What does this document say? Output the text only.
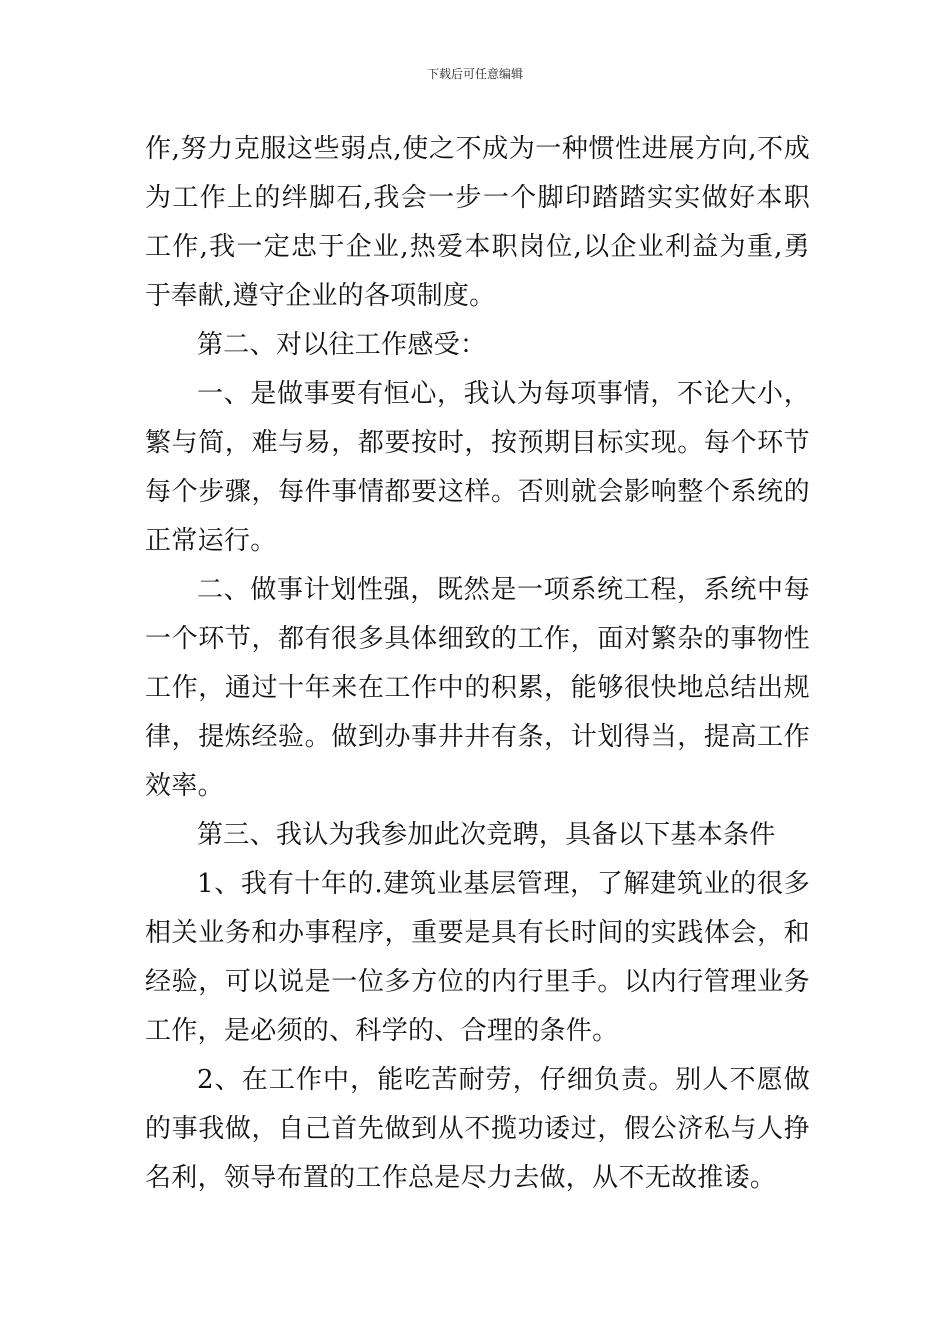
下载后可任意编辑

作,努力克服这些弱点,使之不成为一种惯性进展方向,不成为工作上的绊脚石,我会一步一个脚印踏踏实实做好本职工作,我一定忠于企业,热爱本职岗位,以企业利益为重,勇于奉献,遵守企业的各项制度。

第二、对以往工作感受：

一、是做事要有恒心，我认为每项事情，不论大小，繁与简，难与易，都要按时，按预期目标实现。每个环节每个步骤，每件事情都要这样。否则就会影响整个系统的正常运行。

二、做事计划性强，既然是一项系统工程，系统中每一个环节，都有很多具体细致的工作，面对繁杂的事物性工作，通过十年来在工作中的积累，能够很快地总结出规律，提炼经验。做到办事井井有条，计划得当，提高工作效率。

第三、我认为我参加此次竞聘，具备以下基本条件

1、我有十年的.建筑业基层管理，了解建筑业的很多相关业务和办事程序，重要是具有长时间的实践体会，和经验，可以说是一位多方位的内行里手。以内行管理业务工作，是必须的、科学的、合理的条件。

2、在工作中，能吃苦耐劳，仔细负责。别人不愿做的事我做，自己首先做到从不揽功诿过，假公济私与人挣名利，领导布置的工作总是尽力去做，从不无故推诿。
